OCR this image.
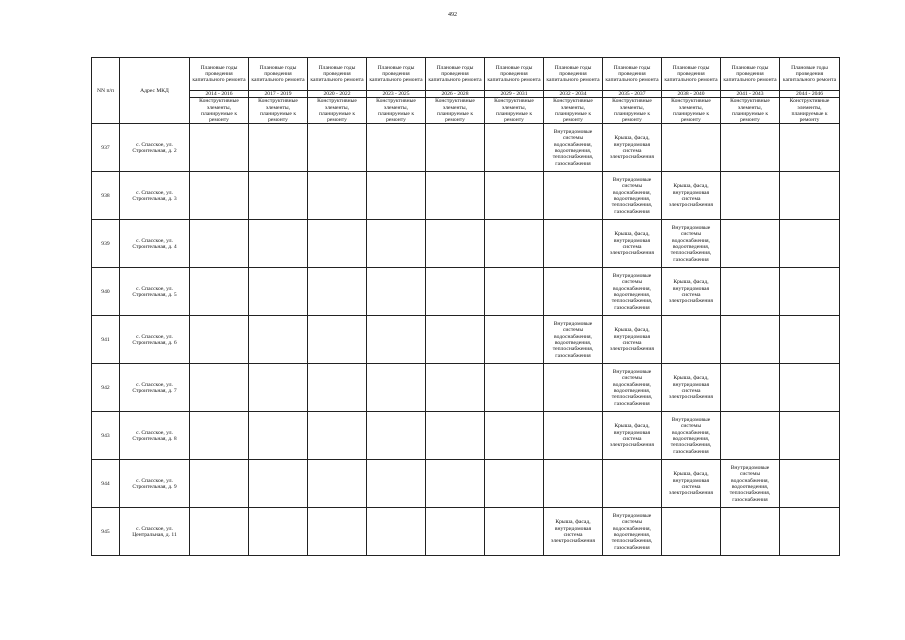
492
NN п/п	Адрес МКД	Плановые годы проведения капитального ремонта	Плановые годы проведения капитального ремонта	Плановые годы проведения капитального ремонта	Плановые годы проведения капитального ремонта	Плановые годы проведения капитального ремонта	Плановые годы проведения капитального ремонта	Плановые годы проведения капитального ремонта	Плановые годы проведения капитального ремонта	Плановые годы проведения капитального ремонта	Плановые годы проведения капитального ремонта	Плановые годы проведения капитального ремонта
		2014 - 2016	2017 - 2019	2020 - 2022	2023 - 2025	2026 - 2028	2029 - 2031	2032 - 2034	2035 - 2037	2038 - 2040	2041 - 2043	2044 - 2046
		Конструктивные элементы, планируемые к ремонту	Конструктивные элементы, планируемые к ремонту	Конструктивные элементы, планируемые к ремонту	Конструктивные элементы, планируемые к ремонту	Конструктивные элементы, планируемые к ремонту	Конструктивные элементы, планируемые к ремонту	Конструктивные элементы, планируемые к ремонту	Конструктивные элементы, планируемые к ремонту	Конструктивные элементы, планируемые к ремонту	Конструктивные элементы, планируемые к ремонту	Конструктивные элементы, планируемые к ремонту
937	с. Спасское, ул. Строительная, д. 2							Внутридомовые системы водоснабжения, водоотведения, теплоснабжения, газоснабжения	Крыша, фасад, внутридомовая система электроснабжения			
938	с. Спасское, ул. Строительная, д. 3								Внутридомовые системы водоснабжения, водоотведения, теплоснабжения, газоснабжения	Крыша, фасад, внутридомовая система электроснабжения		
939	с. Спасское, ул. Строительная, д. 4								Крыша, фасад, внутридомовая система электроснабжения	Внутридомовые системы водоснабжения, водоотведения, теплоснабжения, газоснабжения		
940	с. Спасское, ул. Строительная, д. 5								Внутридомовые системы водоснабжения, водоотведения, теплоснабжения, газоснабжения	Крыша, фасад, внутридомовая система электроснабжения		
941	с. Спасское, ул. Строительная, д. 6							Внутридомовые системы водоснабжения, водоотведения, теплоснабжения, газоснабжения	Крыша, фасад, внутридомовая система электроснабжения			
942	с. Спасское, ул. Строительная, д. 7								Внутридомовые системы водоснабжения, водоотведения, теплоснабжения, газоснабжения	Крыша, фасад, внутридомовая система электроснабжения		
943	с. Спасское, ул. Строительная, д. 8								Крыша, фасад, внутридомовая система электроснабжения	Внутридомовые системы водоснабжения, водоотведения, теплоснабжения, газоснабжения		
944	с. Спасское, ул. Строительная, д. 9									Крыша, фасад, внутридомовая система электроснабжения	Внутридомовые системы водоснабжения, водоотведения, теплоснабжения, газоснабжения	
945	с. Спасское, ул. Центральная, д. 11							Крыша, фасад, внутридомовая система электроснабжения	Внутридомовые системы водоснабжения, водоотведения, теплоснабжения, газоснабжения			
